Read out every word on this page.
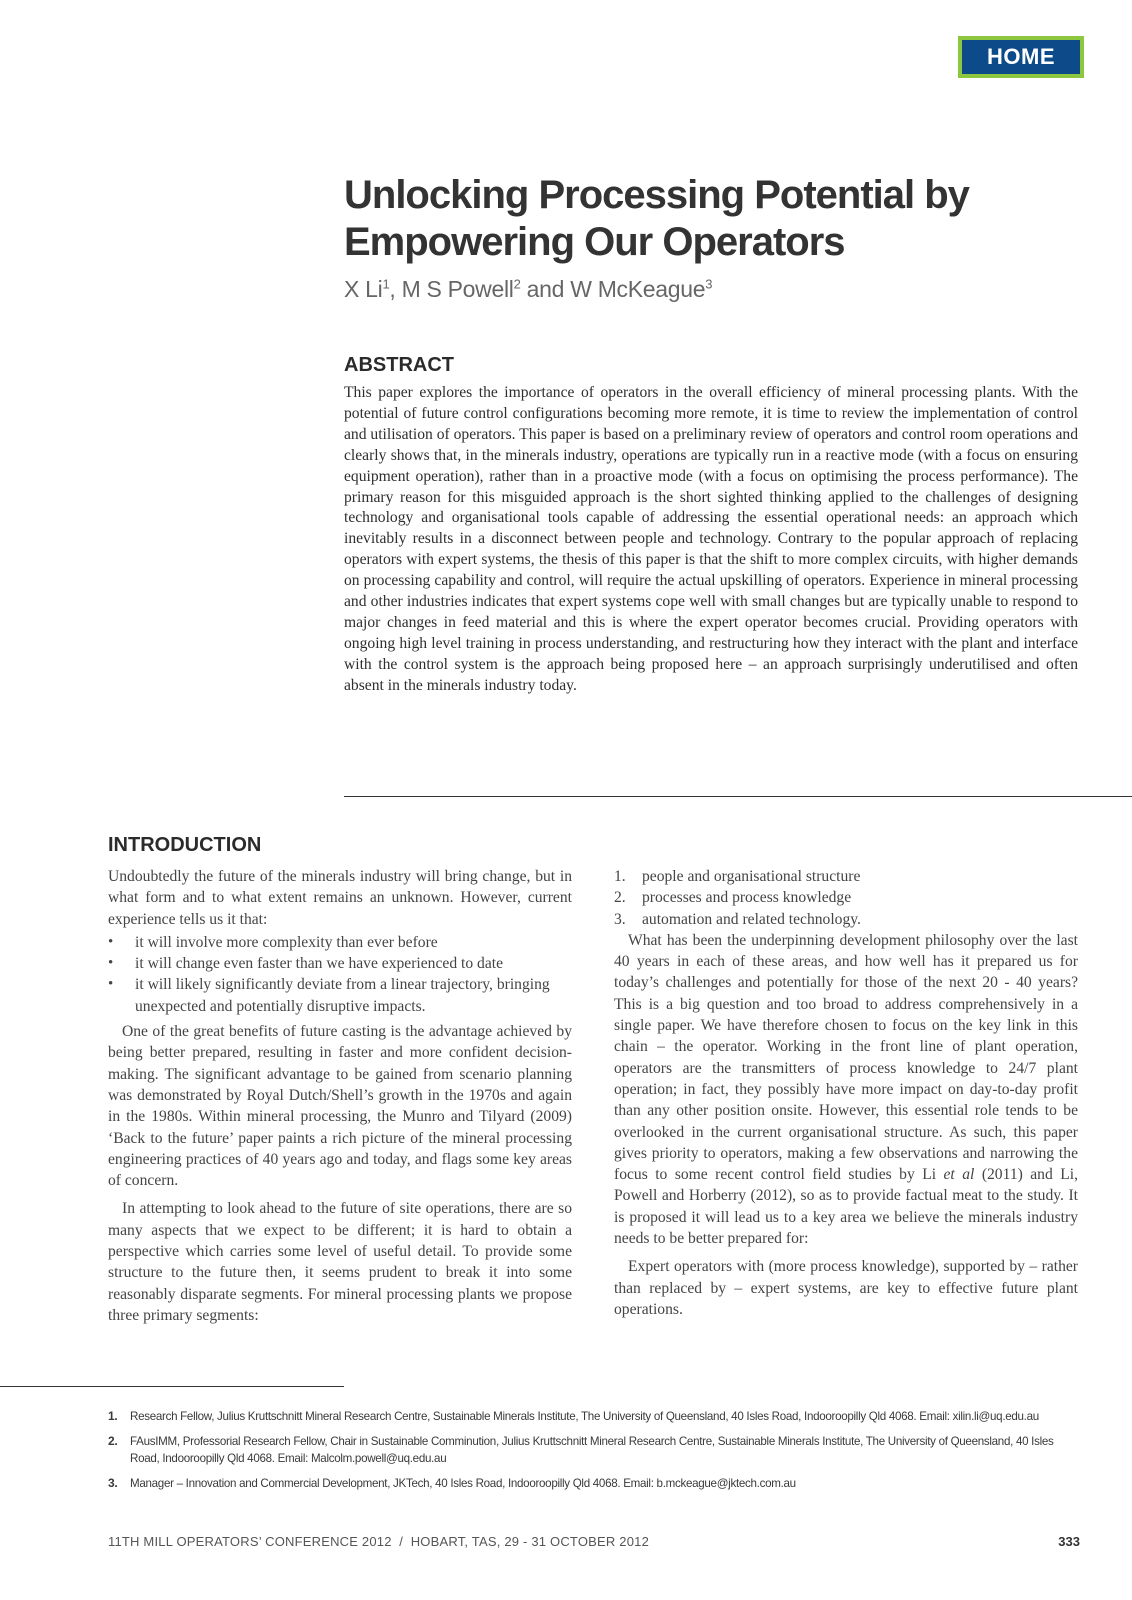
HOME
Unlocking Processing Potential by
Empowering Our Operators

X Li$^1$, M S Powell$^2$ and W McKeague$^3$

ABSTRACT

This paper explores the importance of operators in the overall efficiency of mineral processing plants. With the potential of future control configurations becoming more remote, it is time to review the implementation of control and utilisation of operators. This paper is based on a preliminary review of operators and control room operations and clearly shows that, in the minerals industry, operations are typically run in a reactive mode (with a focus on ensuring equipment operation), rather than in a proactive mode (with a focus on optimising the process performance). The primary reason for this misguided approach is the short sighted thinking applied to the challenges of designing technology and organisational tools capable of addressing the essential operational needs: an approach which inevitably results in a disconnect between people and technology. Contrary to the popular approach of replacing operators with expert systems, the thesis of this paper is that the shift to more complex circuits, with higher demands on processing capability and control, will require the actual upskilling of operators. Experience in mineral processing and other industries indicates that expert systems cope well with small changes but are typically unable to respond to major changes in feed material and this is where the expert operator becomes crucial. Providing operators with ongoing high level training in process understanding, and restructuring how they interact with the plant and interface with the control system is the approach being proposed here – an approach surprisingly underutilised and often absent in the minerals industry today.

INTRODUCTION

Undoubtedly the future of the minerals industry will bring change, but in what form and to what extent remains an unknown. However, current experience tells us it that:

• it will involve more complexity than ever before
• it will change even faster than we have experienced to date
• it will likely significantly deviate from a linear trajectory, bringing unexpected and potentially disruptive impacts.

One of the great benefits of future casting is the advantage achieved by being better prepared, resulting in faster and more confident decision-making. The significant advantage to be gained from scenario planning was demonstrated by Royal Dutch/Shell’s growth in the 1970s and again in the 1980s. Within mineral processing, the Munro and Tilyard (2009) ‘Back to the future’ paper paints a rich picture of the mineral processing engineering practices of 40 years ago and today, and flags some key areas of concern.

In attempting to look ahead to the future of site operations, there are so many aspects that we expect to be different; it is hard to obtain a perspective which carries some level of useful detail. To provide some structure to the future then, it seems prudent to break it into some reasonably disparate segments. For mineral processing plants we propose three primary segments:

1. people and organisational structure
2. processes and process knowledge
3. automation and related technology.

What has been the underpinning development philosophy over the last 40 years in each of these areas, and how well has it prepared us for today’s challenges and potentially for those of the next 20 - 40 years? This is a big question and too broad to address comprehensively in a single paper. We have therefore chosen to focus on the key link in this chain – the operator. Working in the front line of plant operation, operators are the transmitters of process knowledge to 24/7 plant operation; in fact, they possibly have more impact on day-to-day profit than any other position onsite. However, this essential role tends to be overlooked in the current organisational structure. As such, this paper gives priority to operators, making a few observations and narrowing the focus to some recent control field studies by Li et al (2011) and Li, Powell and Horberry (2012), so as to provide factual meat to the study. It is proposed it will lead us to a key area we believe the minerals industry needs to be better prepared for:

Expert operators with (more process knowledge), supported by – rather than replaced by – expert systems, are key to effective future plant operations.

1. Research Fellow, Julius Kruttschnitt Mineral Research Centre, Sustainable Minerals Institute, The University of Queensland, 40 Isles Road, Indooroopilly Qld 4068. Email: xilin.li@uq.edu.au
2. FAusIMM, Professorial Research Fellow, Chair in Sustainable Comminution, Julius Kruttschnitt Mineral Research Centre, Sustainable Minerals Institute, The University of Queensland, 40 Isles Road, Indooroopilly Qld 4068. Email: Malcolm.powell@uq.edu.au
3. Manager – Innovation and Commercial Development, JKTech, 40 Isles Road, Indooroopilly Qld 4068. Email: b.mckeague@jktech.com.au
11TH MILL OPERATORS’ CONFERENCE 2012  /  HOBART, TAS, 29 - 31 OCTOBER 2012	333
